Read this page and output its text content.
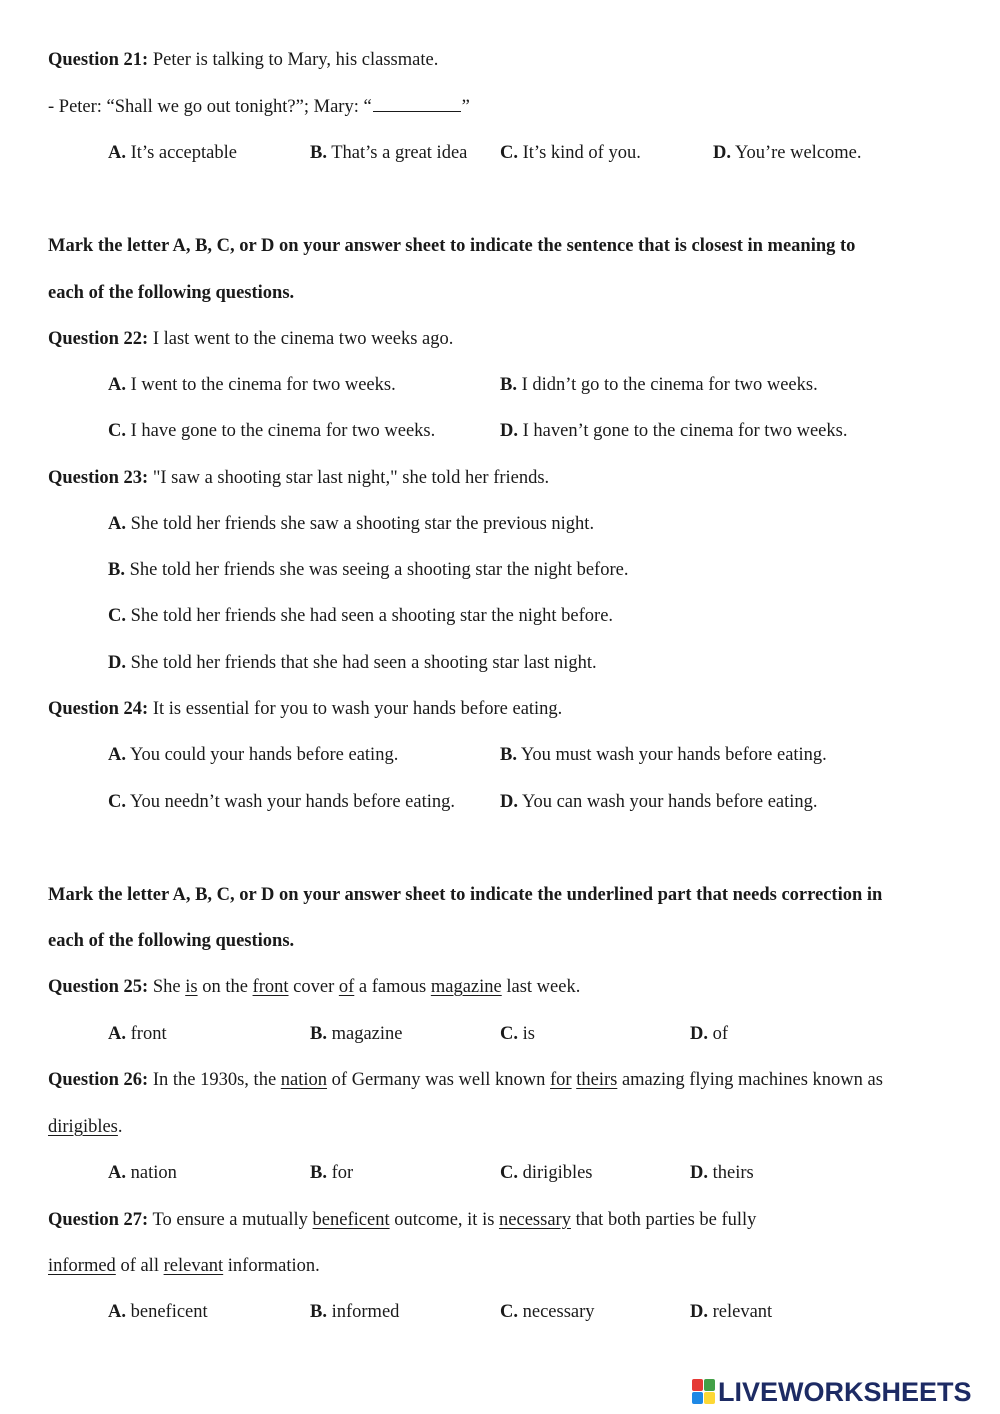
Question 21: Peter is talking to Mary, his classmate.
- Peter: “Shall we go out tonight?”; Mary: “	”
A. It’s acceptable	B. That’s a great idea C. It’s kind of you.	D. You’re welcome.
Mark the letter A, B, C, or D on your answer sheet to indicate the sentence that is closest in meaning to
each of the following questions.
Question 22: I last went to the cinema two weeks ago.
A. I went to the cinema for two weeks.	B. I didn’t go to the cinema for two weeks.
C. I have gone to the cinema for two weeks.	D. I haven’t gone to the cinema for two weeks.
Question 23: "I saw a shooting star last night," she told her friends.
A. She told her friends she saw a shooting star the previous night.
B. She told her friends she was seeing a shooting star the night before.
C. She told her friends she had seen a shooting star the night before.
D. She told her friends that she had seen a shooting star last night.
Question 24: It is essential for you to wash your hands before eating.
A. You could your hands before eating.	B. You must wash your hands before eating.
C. You needn’t wash your hands before eating. D. You can wash your hands before eating.
Mark the letter A, B, C, or D on your answer sheet to indicate the underlined part that needs correction in
each of the following questions.
Question 25: She is on the front cover of a famous magazine last week.
A. front	B. magazine	C. is	D. of
Question 26: In the 1930s, the nation of Germany was well known for theirs amazing flying machines known as
dirigibles.
A. nation	B. for	C. dirigibles	D. theirs
Question 27: To ensure a mutually beneficent outcome, it is necessary that both parties be fully
informed of all relevant information.
A. beneficent	B. informed	C. necessary	D. relevant
LIVEWORKSHEETS
